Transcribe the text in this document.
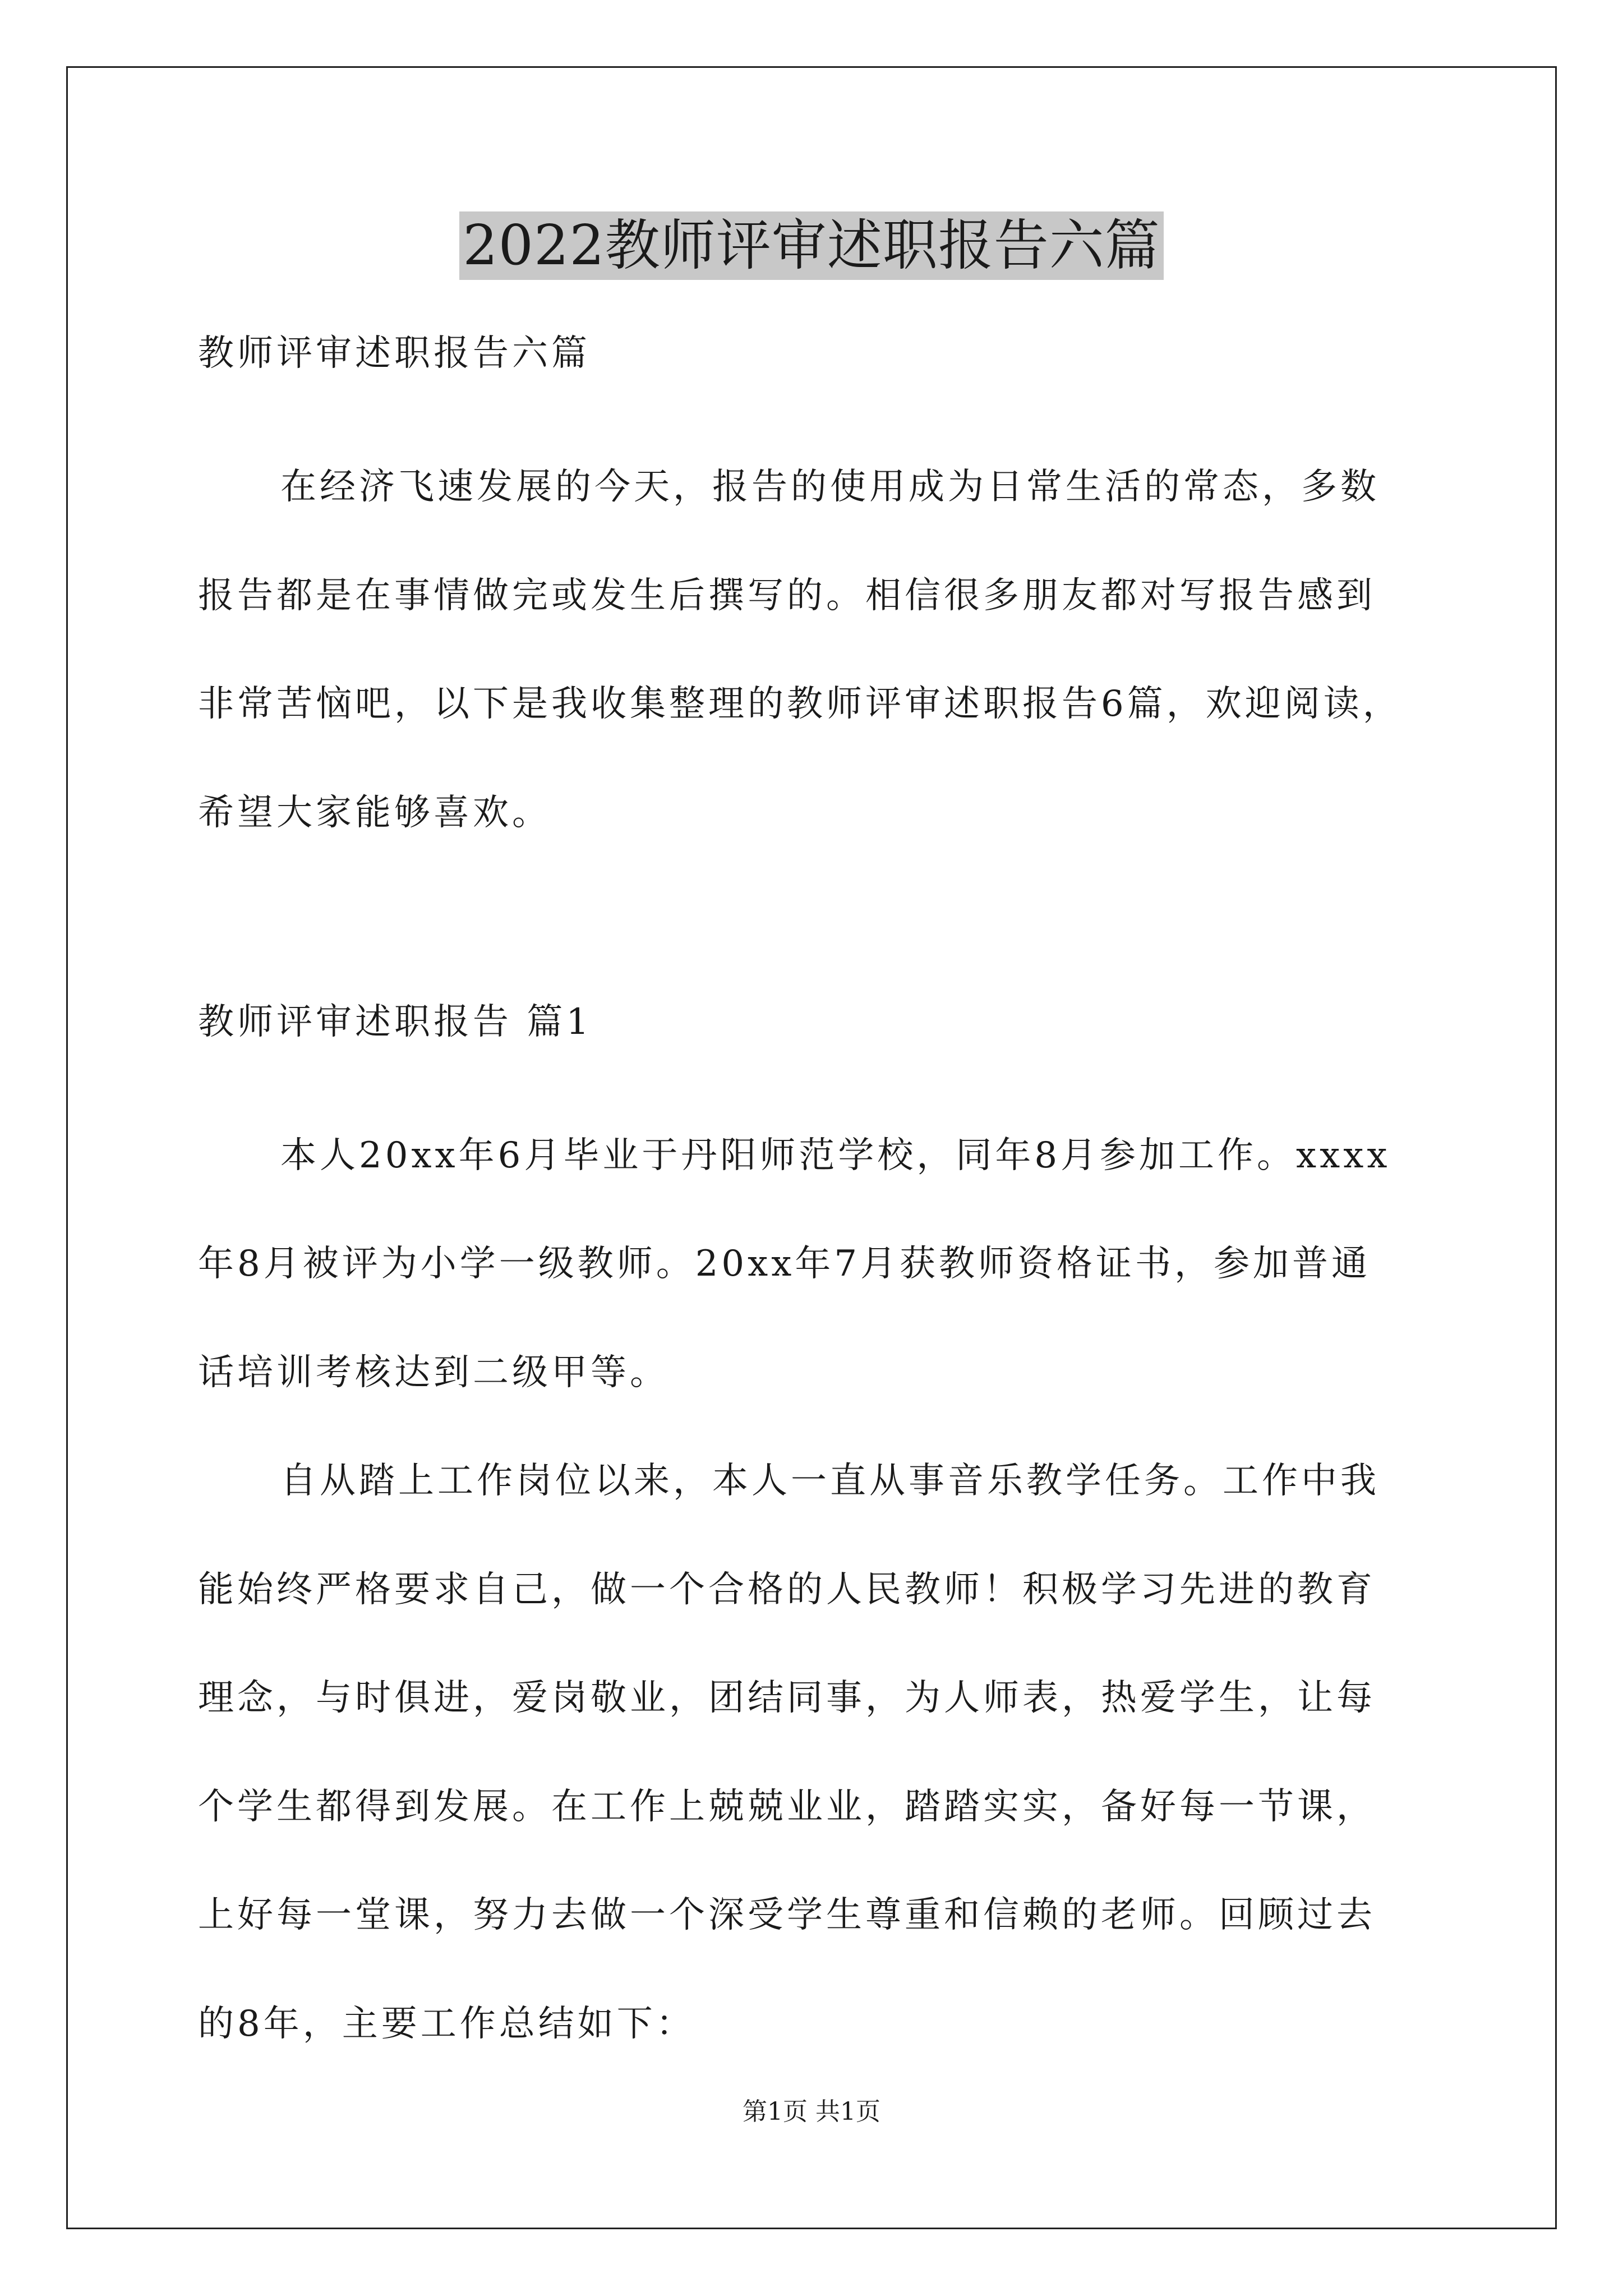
2022教师评审述职报告六篇
教师评审述职报告六篇
在经济飞速发展的今天，报告的使用成为日常生活的常态，多数
报告都是在事情做完或发生后撰写的。相信很多朋友都对写报告感到
非常苦恼吧，以下是我收集整理的教师评审述职报告6篇，欢迎阅读，
希望大家能够喜欢。
教师评审述职报告 篇1
本人20xx年6月毕业于丹阳师范学校，同年8月参加工作。xxxx
年8月被评为小学一级教师。20xx年7月获教师资格证书，参加普通
话培训考核达到二级甲等。
自从踏上工作岗位以来，本人一直从事音乐教学任务。工作中我
能始终严格要求自己，做一个合格的人民教师！积极学习先进的教育
理念，与时俱进，爱岗敬业，团结同事，为人师表，热爱学生，让每
个学生都得到发展。在工作上兢兢业业，踏踏实实，备好每一节课，
上好每一堂课，努力去做一个深受学生尊重和信赖的老师。回顾过去
的8年，主要工作总结如下：
第1页 共1页
